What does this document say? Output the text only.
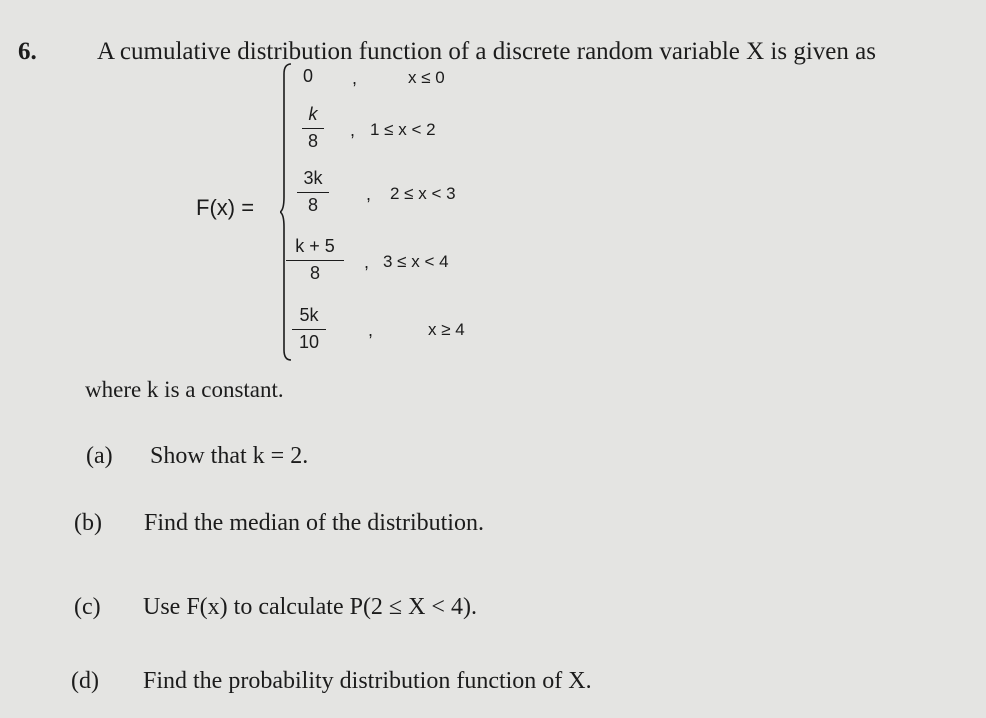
6. A cumulative distribution function of a discrete random variable X is given as
F(x) =
0 ,	x ≤ 0
k
8
, 1 ≤ x < 2
3k
8
, 2 ≤ x < 3
k + 5
8
, 3 ≤ x < 4
5k
10
,	x ≥ 4
where k is a constant.
(a) Show that k = 2.
(b) Find the median of the distribution.
(c) Use F(x) to calculate P(2 ≤ X < 4).
(d) Find the probability distribution function of X.
